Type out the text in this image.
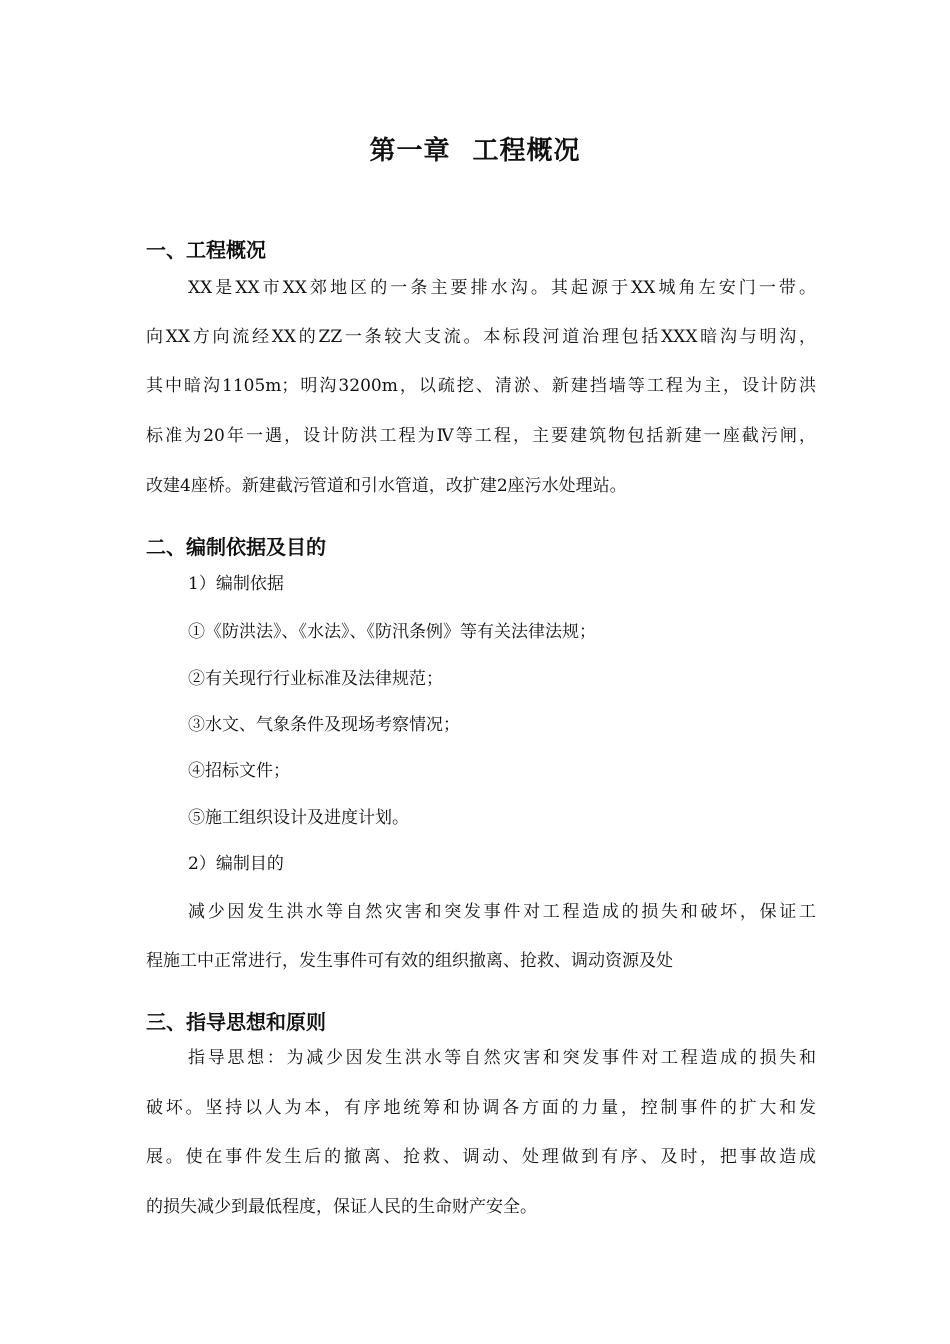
第一章 工程概况
一、工程概况
XX是XX市XX郊地区的一条主要排水沟。其起源于XX城角左安门一带。
向XX方向流经XX的ZZ一条较大支流。本标段河道治理包括XXX暗沟与明沟，
其中暗沟1105m；明沟3200m，以疏挖、清淤、新建挡墙等工程为主，设计防洪
标准为20年一遇，设计防洪工程为Ⅳ等工程，主要建筑物包括新建一座截污闸，
改建4座桥。新建截污管道和引水管道，改扩建2座污水处理站。
二、编制依据及目的
1）编制依据
①《防洪法》、《水法》、《防汛条例》等有关法律法规；
②有关现行行业标准及法律规范；
③水文、气象条件及现场考察情况；
④招标文件；
⑤施工组织设计及进度计划。
2）编制目的
减少因发生洪水等自然灾害和突发事件对工程造成的损失和破坏，保证工
程施工中正常进行，发生事件可有效的组织撤离、抢救、调动资源及处
三、指导思想和原则
指导思想：为减少因发生洪水等自然灾害和突发事件对工程造成的损失和
破坏。坚持以人为本，有序地统筹和协调各方面的力量，控制事件的扩大和发
展。使在事件发生后的撤离、抢救、调动、处理做到有序、及时，把事故造成
的损失减少到最低程度，保证人民的生命财产安全。
